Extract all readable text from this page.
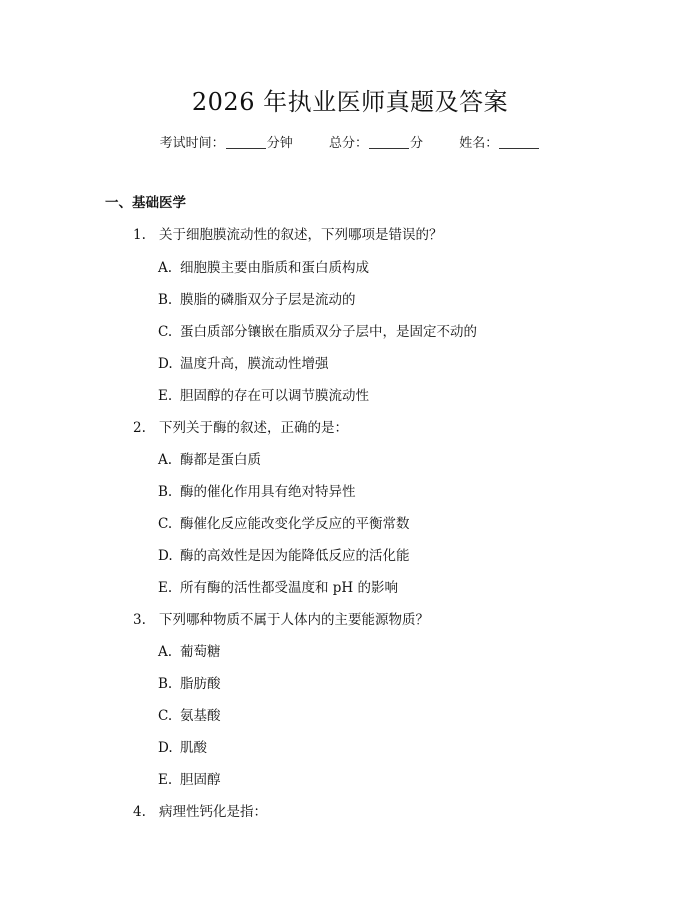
2026 年执业医师真题及答案
考试时间：	分钟	总分：	分	姓名：
一、基础医学
1. 关于细胞膜流动性的叙述，下列哪项是错误的？
A. 细胞膜主要由脂质和蛋白质构成
B. 膜脂的磷脂双分子层是流动的
C. 蛋白质部分镶嵌在脂质双分子层中，是固定不动的
D. 温度升高，膜流动性增强
E. 胆固醇的存在可以调节膜流动性
2. 下列关于酶的叙述，正确的是：
A. 酶都是蛋白质
B. 酶的催化作用具有绝对特异性
C. 酶催化反应能改变化学反应的平衡常数
D. 酶的高效性是因为能降低反应的活化能
E. 所有酶的活性都受温度和 pH 的影响
3. 下列哪种物质不属于人体内的主要能源物质？
A. 葡萄糖
B. 脂肪酸
C. 氨基酸
D. 肌酸
E. 胆固醇
4. 病理性钙化是指：
